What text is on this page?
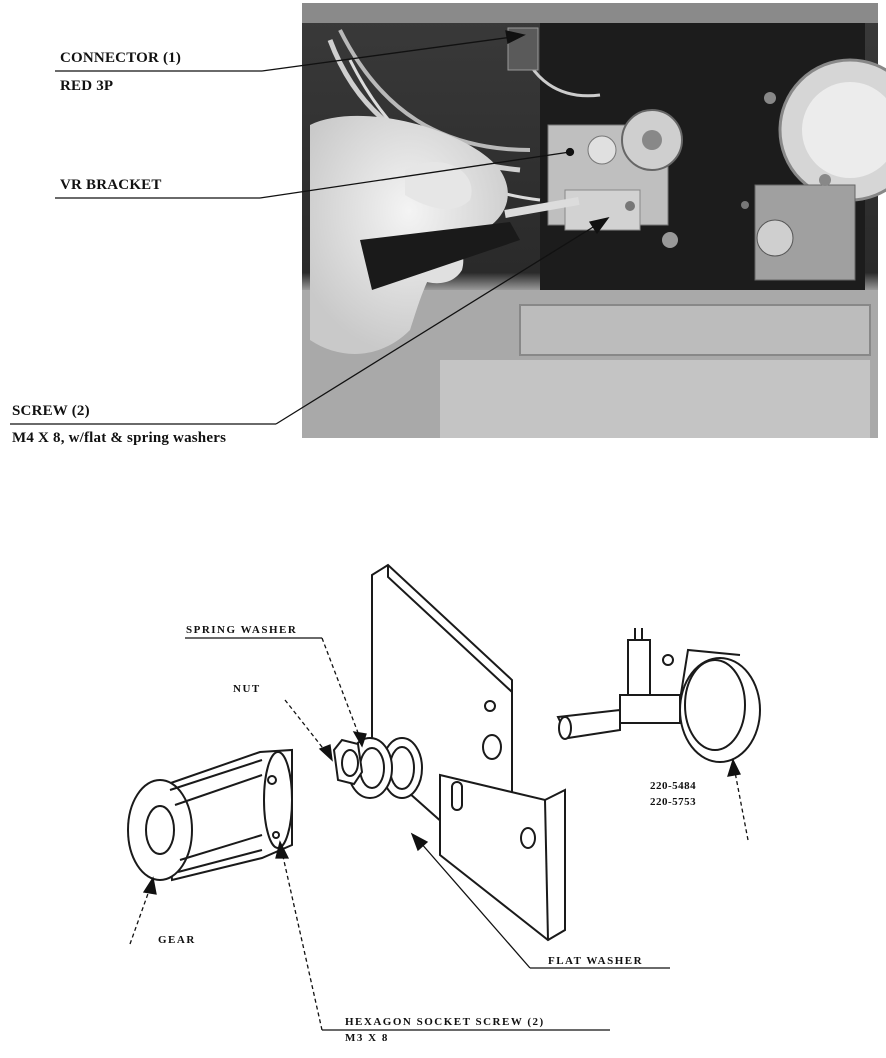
CONNECTOR (1)
RED 3P
VR BRACKET
SCREW (2)
M4 X 8, w/flat & spring washers
SPRING WASHER
NUT
220-5484
220-5753
GEAR
FLAT WASHER
HEXAGON SOCKET SCREW (2)
M3 X 8
